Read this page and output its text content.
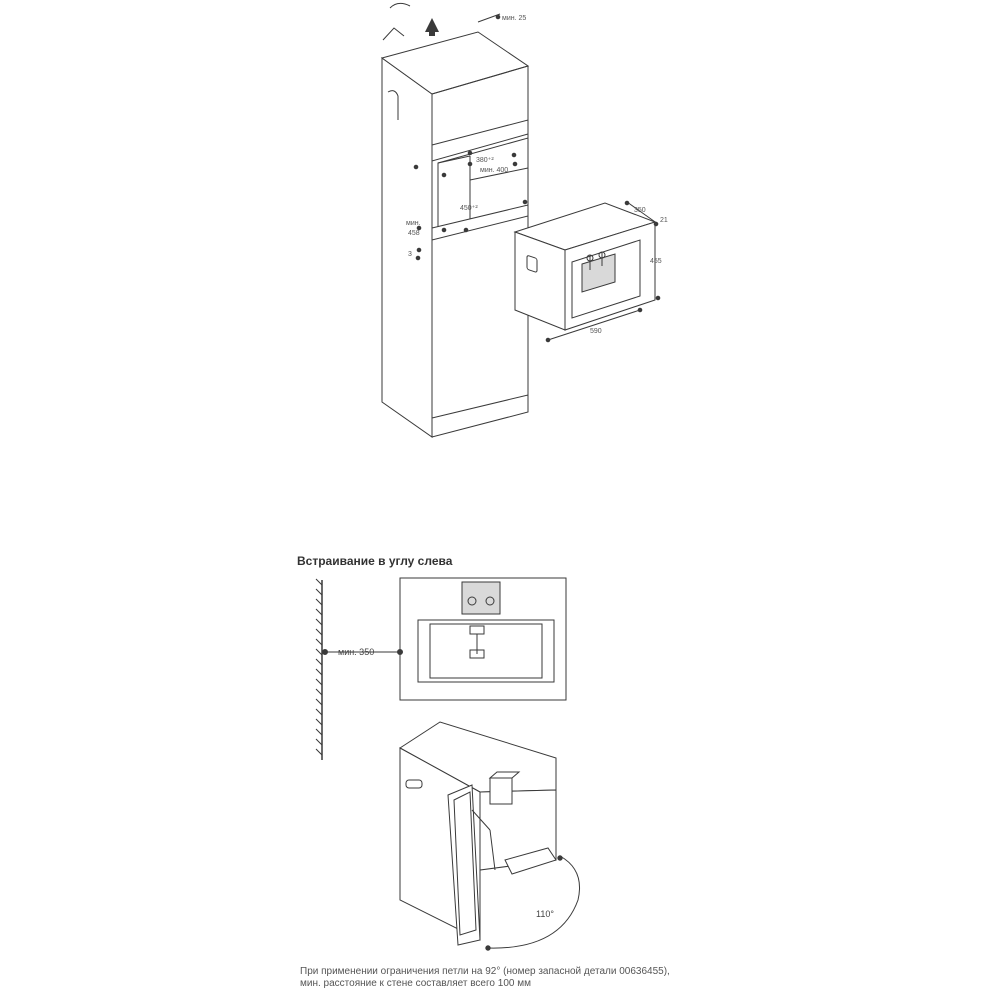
мин. 25
380⁺²
мин. 400
450⁺²
мин.
458
3
350
21
455
590
мин. 350
110°
Встраивание в углу слева
При применении ограничения петли на 92° (номер запасной детали 00636455),
мин. расстояние к стене составляет всего 100 мм
